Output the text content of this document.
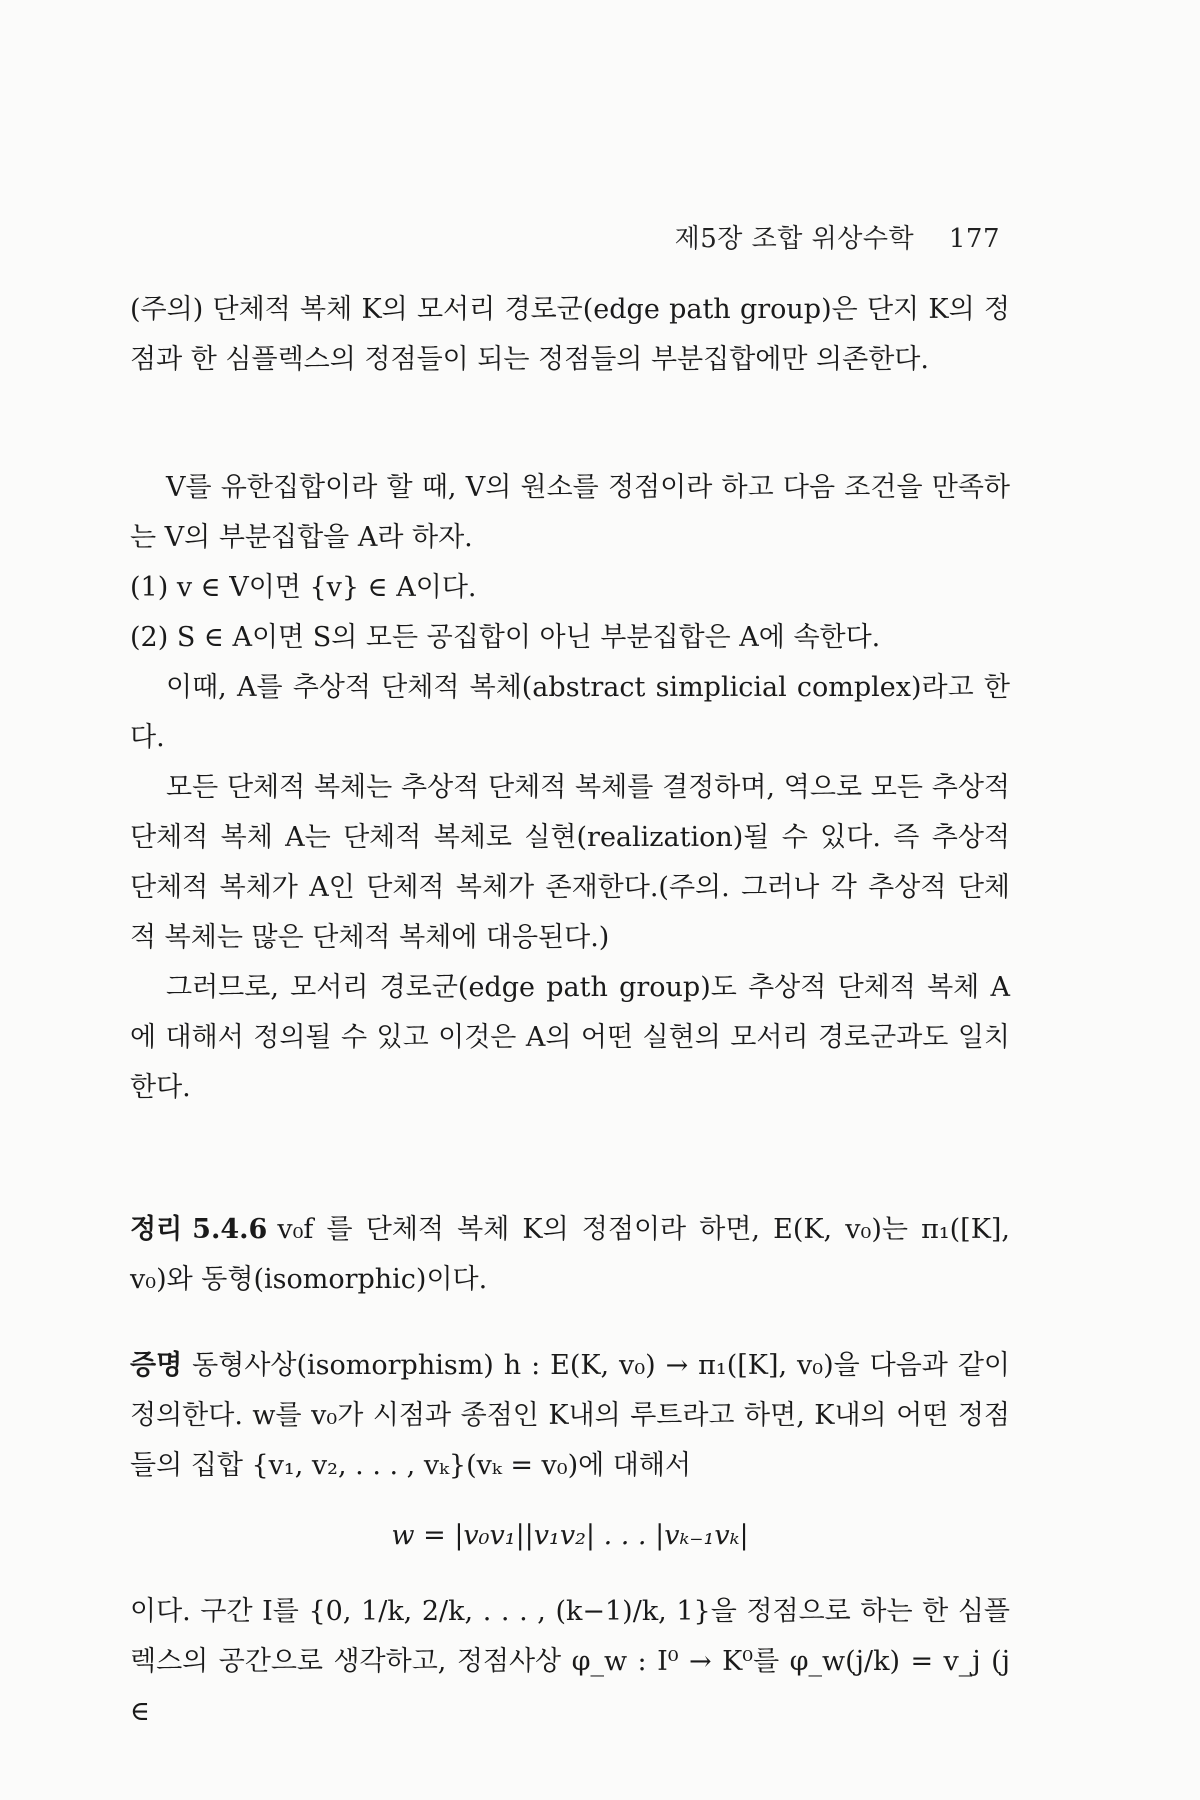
제5장 조합 위상수학 177

(주의) 단체적 복체 K의 모서리 경로군(edge path group)은 단지 K의 정점과 한 심플렉스의 정점들이 되는 정점들의 부분집합에만 의존한다.

V를 유한집합이라 할 때, V의 원소를 정점이라 하고 다음 조건을 만족하는 V의 부분집합을 A라 하자.

(1) v ∈ V이면 {v} ∈ A이다.

(2) S ∈ A이면 S의 모든 공집합이 아닌 부분집합은 A에 속한다.

이때, A를 추상적 단체적 복체(abstract simplicial complex)라고 한다.

모든 단체적 복체는 추상적 단체적 복체를 결정하며, 역으로 모든 추상적 단체적 복체 A는 단체적 복체로 실현(realization)될 수 있다. 즉 추상적 단체적 복체가 A인 단체적 복체가 존재한다.(주의. 그러나 각 추상적 단체적 복체는 많은 단체적 복체에 대응된다.)

그러므로, 모서리 경로군(edge path group)도 추상적 단체적 복체 A에 대해서 정의될 수 있고 이것은 A의 어떤 실현의 모서리 경로군과도 일치한다.

정리 5.4.6 v₀f 를 단체적 복체 K의 정점이라 하면, E(K, v₀)는 π₁([K], v₀)와 동형(isomorphic)이다.

증명 동형사상(isomorphism) h : E(K, v₀) → π₁([K], v₀)을 다음과 같이 정의한다. w를 v₀가 시점과 종점인 K내의 루트라고 하면, K내의 어떤 정점들의 집합 {v₁, v₂, . . . , vₖ}(vₖ = v₀)에 대해서

w = |v₀v₁||v₁v₂| . . . |vₖ₋₁vₖ|

이다. 구간 I를 {0, 1/k, 2/k, . . . , (k−1)/k, 1}을 정점으로 하는 한 심플렉스의 공간으로 생각하고, 정점사상 φ_w : I⁰ → K⁰를 φ_w(j/k) = v_j (j ∈
